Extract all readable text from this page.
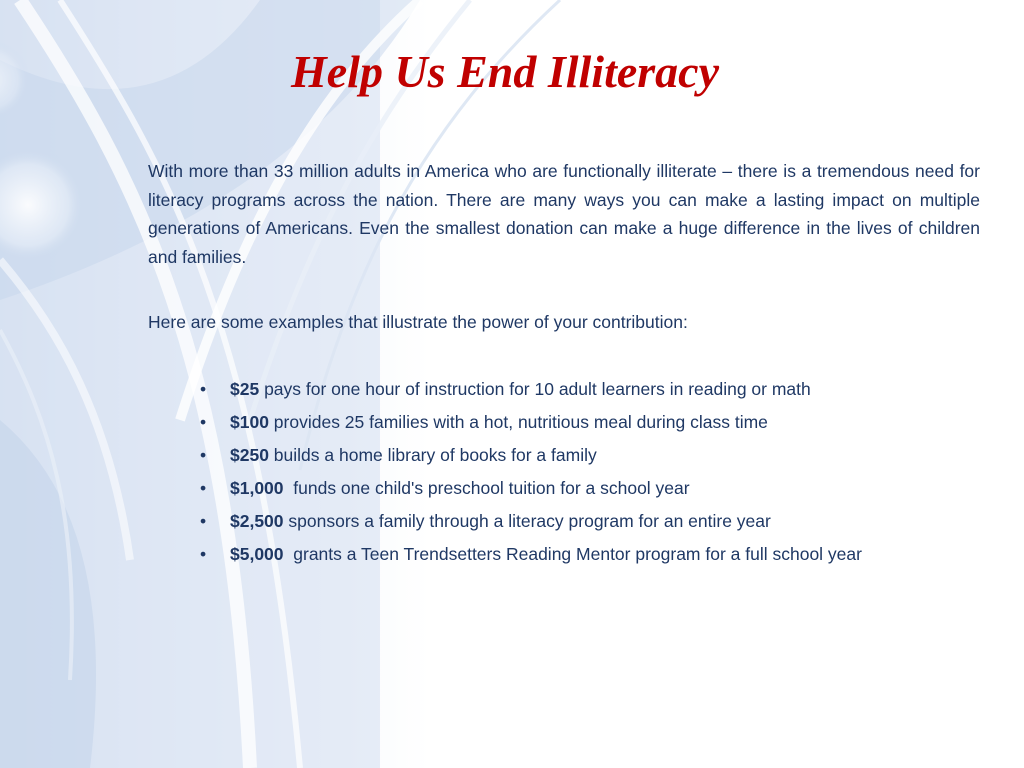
Help Us End Illiteracy

With more than 33 million adults in America who are functionally illiterate – there is a tremendous need for literacy programs across the nation. There are many ways you can make a lasting impact on multiple generations of Americans. Even the smallest donation can make a huge difference in the lives of children and families.

Here are some examples that illustrate the power of your contribution:

• $25 pays for one hour of instruction for 10 adult learners in reading or math
• $100 provides 25 families with a hot, nutritious meal during class time
• $250 builds a home library of books for a family
• $1,000  funds one child's preschool tuition for a school year
• $2,500 sponsors a family through a literacy program for an entire year
• $5,000  grants a Teen Trendsetters Reading Mentor program for a full school year
